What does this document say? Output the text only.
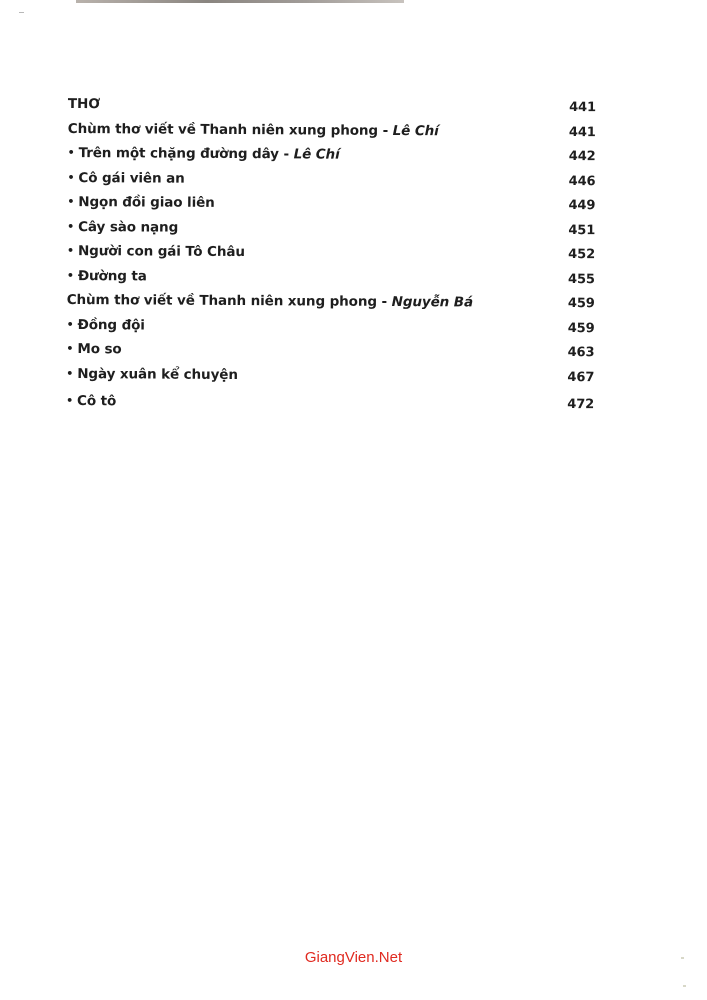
THƠ	441
Chùm thơ viết về Thanh niên xung phong - Lê Chí	441
• Trên một chặng đường dây - Lê Chí	442
• Cô gái viên an	446
• Ngọn đồi giao liên	449
• Cây sào nạng	451
• Người con gái Tô Châu	452
• Đường ta	455
Chùm thơ viết về Thanh niên xung phong - Nguyễn Bá	459
• Đồng đội	459
• Mo so	463
• Ngày xuân kể chuyện	467
• Cô tô	472
GiangVien.Net
